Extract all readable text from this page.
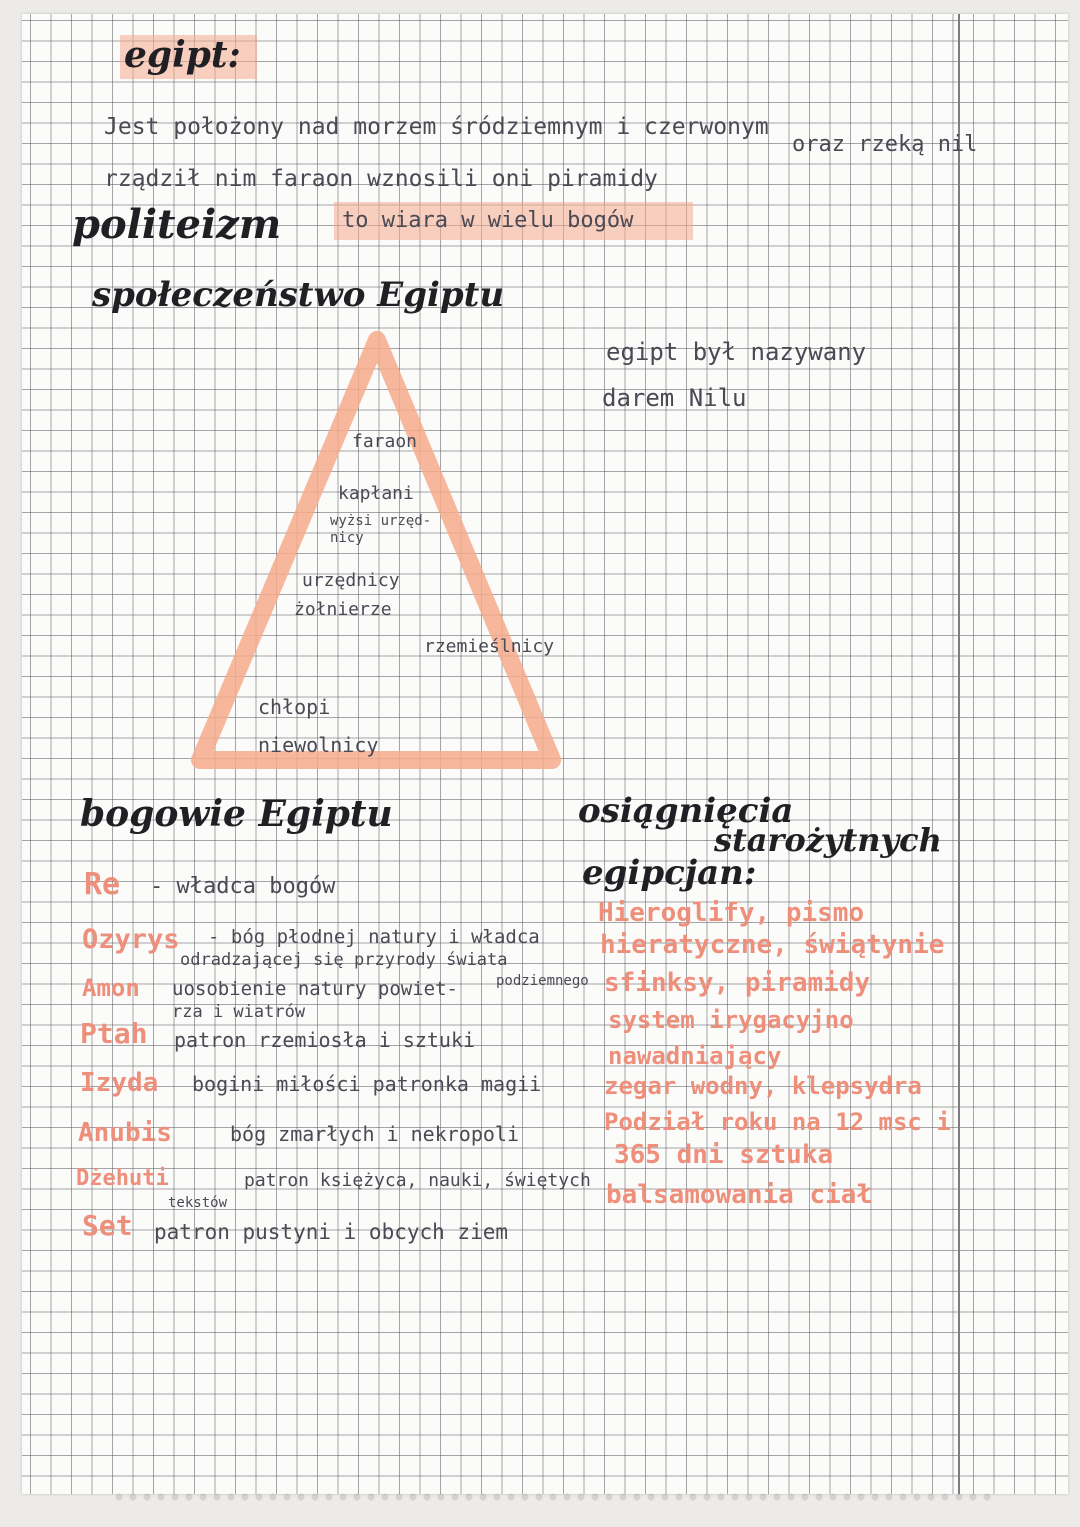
egipt:
Jest położony nad morzem śródziemnym i czerwonym
oraz rzeką nil
rządził nim faraon wznosili oni piramidy
politeizm	to wiara w wielu bogów
społeczeństwo Egiptu
egipt był nazywany
darem Nilu
faraon
kapłani
wyżsi urzęd-
nicy
urzędnicy
żołnierze
rzemieślnicy
chłopi
niewolnicy
bogowie Egiptu
Re - władca bogów
Ozyrys - bóg płodnej natury i władca
odradzającej się przyrody świata
podziemnego
Amon uosobienie natury powiet-
rza i wiatrów
Ptah patron rzemiosła i sztuki
Izyda bogini miłości patronka magii
Anubis	bóg zmarłych i nekropoli
Dżehuti	patron księżyca, nauki, świętych
tekstów
Set patron pustyni i obcych ziem
osiągnięcia
starożytnych
egipcjan:
Hieroglify, pismo
hieratyczne, świątynie
sfinksy, piramidy
system irygacyjno
nawadniający
zegar wodny, klepsydra
Podział roku na 12 msc i
365 dni sztuka
balsamowania ciał
